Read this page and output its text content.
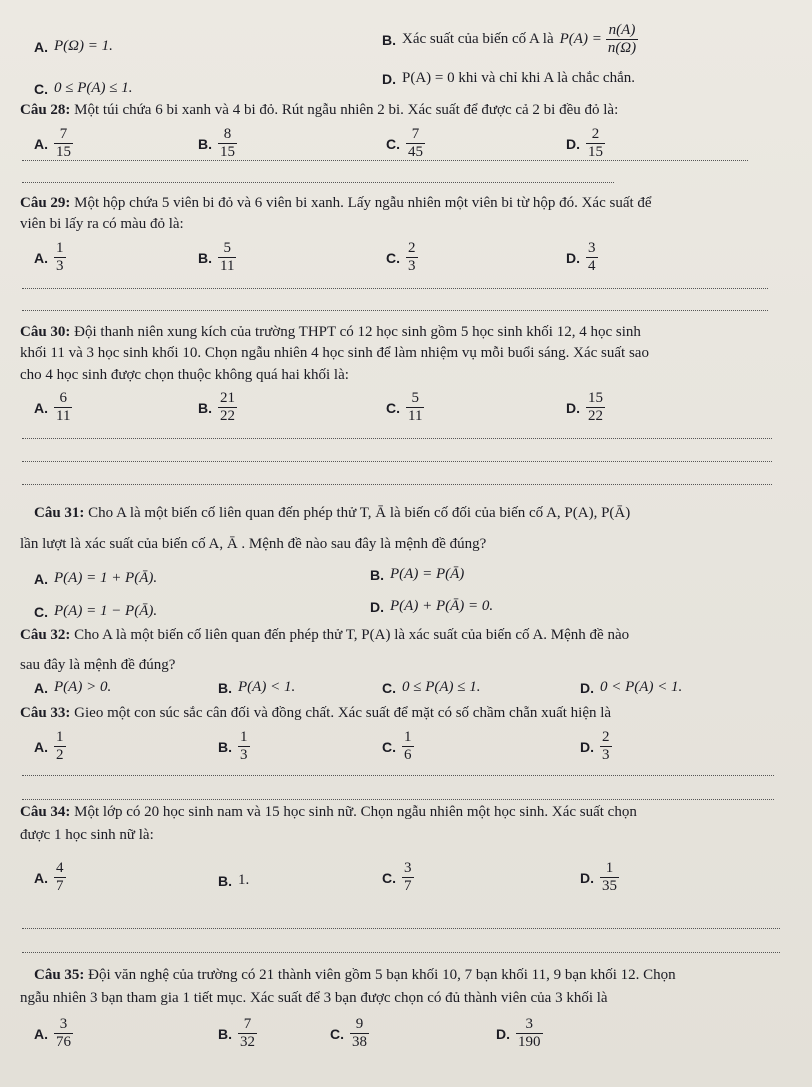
A. P(Ω) = 1.	B. Xác suất của biến cố A là $P(A) = \frac{n(A)}{n(\Omega)}$
C. 0 ≤ P(A) ≤ 1.
D. P(A) = 0 khi và chỉ khi A là chắc chắn.
Câu 28: Một túi chứa 6 bi xanh và 4 bi đỏ. Rút ngẫu nhiên 2 bi. Xác suất để được cả 2 bi đều đỏ là:
A. $\frac{7}{15}$	B. $\frac{8}{15}$	C. $\frac{7}{45}$	D. $\frac{2}{15}$
Câu 29: Một hộp chứa 5 viên bi đỏ và 6 viên bi xanh. Lấy ngẫu nhiên một viên bi từ hộp đó. Xác suất để
viên bi lấy ra có màu đỏ là:
A. $\frac{1}{3}$	B. $\frac{5}{11}$	C. $\frac{2}{3}$	D. $\frac{3}{4}$
Câu 30: Đội thanh niên xung kích của trường THPT có 12 học sinh gồm 5 học sinh khối 12, 4 học sinh
khối 11 và 3 học sinh khối 10. Chọn ngẫu nhiên 4 học sinh để làm nhiệm vụ mỗi buổi sáng. Xác suất sao
cho 4 học sinh được chọn thuộc không quá hai khối là:
A. $\frac{6}{11}$	B. $\frac{21}{22}$	C. $\frac{5}{11}$	D. $\frac{15}{22}$
Câu 31: Cho A là một biến cố liên quan đến phép thử T, Ā là biến cố đối của biến cố A, P(A), P(Ā)
lần lượt là xác suất của biến cố A, Ā . Mệnh đề nào sau đây là mệnh đề đúng?
A. P(A) = 1 + P(Ā).	B. P(A) = P(Ā)
C. P(A) = 1 − P(Ā).	D. P(A) + P(Ā) = 0.
Câu 32: Cho A là một biến cố liên quan đến phép thử T, P(A) là xác suất của biến cố A. Mệnh đề nào
sau đây là mệnh đề đúng?
A. P(A) > 0.	B. P(A) < 1.	C. 0 ≤ P(A) ≤ 1.	D. 0 < P(A) < 1.
Câu 33: Gieo một con súc sắc cân đối và đồng chất. Xác suất để mặt có số chầm chẵn xuất hiện là
A. $\frac{1}{2}$	B. $\frac{1}{3}$	C. $\frac{1}{6}$	D. $\frac{2}{3}$
Câu 34: Một lớp có 20 học sinh nam và 15 học sinh nữ. Chọn ngẫu nhiên một học sinh. Xác suất chọn
được 1 học sinh nữ là:
A. $\frac{4}{7}$	B. 1.	C. $\frac{3}{7}$	D. $\frac{1}{35}$
Câu 35: Đội văn nghệ của trường có 21 thành viên gồm 5 bạn khối 10, 7 bạn khối 11, 9 bạn khối 12. Chọn
ngẫu nhiên 3 bạn tham gia 1 tiết mục. Xác suất để 3 bạn được chọn có đủ thành viên của 3 khối là
A. $\frac{3}{76}$	B. $\frac{7}{32}$	C. $\frac{9}{38}$	D. $\frac{3}{190}$
